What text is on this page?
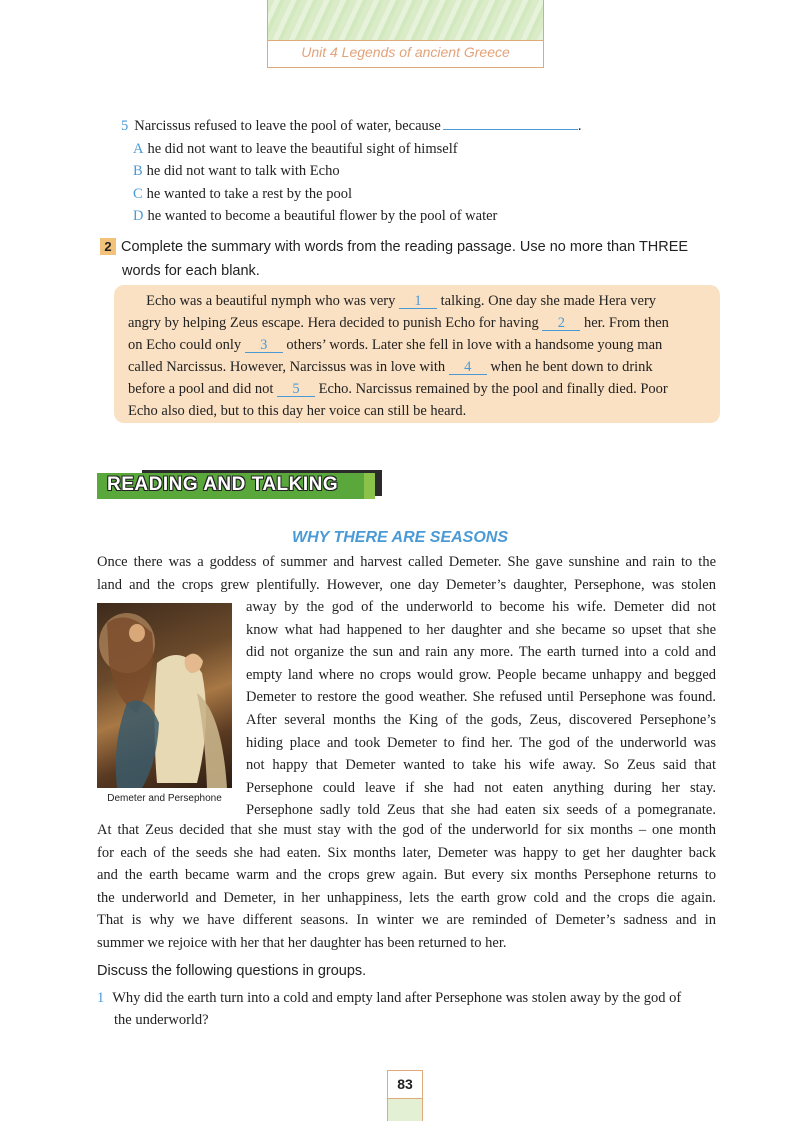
Unit 4 Legends of ancient Greece
5 Narcissus refused to leave the pool of water, because	.
A he did not want to leave the beautiful sight of himself
B he did not want to talk with Echo
C he wanted to take a rest by the pool
D he wanted to become a beautiful flower by the pool of water
2 Complete the summary with words from the reading passage. Use no more than THREE
words for each blank.

Echo was a beautiful nymph who was very 1 talking. One day she made Hera very

angry by helping Zeus escape. Hera decided to punish Echo for having 2 her. From then

on Echo could only 3 others’ words. Later she fell in love with a handsome young man

called Narcissus. However, Narcissus was in love with 4 when he bent down to drink

before a pool and did not 5 Echo. Narcissus remained by the pool and finally died. Poor

Echo also died, but to this day her voice can still be heard.

READING AND TALKING
WHY THERE ARE SEASONS
Once there was a goddess of summer and harvest called Demeter. She gave sunshine and rain to the
land and the crops grew plentifully. However, one day Demeter’s daughter, Persephone, was stolen
Demeter and Persephone
away by the god of the underworld to become his wife. Demeter did not
know what had happened to her daughter and she became so upset that she
did not organize the sun and rain any more. The earth turned into a cold and
empty land where no crops would grow. People became unhappy and begged
Demeter to restore the good weather. She refused until Persephone was found.
After several months the King of the gods, Zeus, discovered Persephone’s
hiding place and took Demeter to find her. The god of the underworld was
not happy that Demeter wanted to take his wife away. So Zeus said that
Persephone could leave if she had not eaten anything during her stay.
Persephone sadly told Zeus that she had eaten six seeds of a pomegranate.
At that Zeus decided that she must stay with the god of the underworld for six months – one month
for each of the seeds she had eaten. Six months later, Demeter was happy to get her daughter back
and the earth became warm and the crops grew again. But every six months Persephone returns to
the underworld and Demeter, in her unhappiness, lets the earth grow cold and the crops die again.
That is why we have different seasons. In winter we are reminded of Demeter’s sadness and in
summer we rejoice with her that her daughter has been returned to her.
Discuss the following questions in groups.
1 Why did the earth turn into a cold and empty land after Persephone was stolen away by the god of
the underworld?
83
